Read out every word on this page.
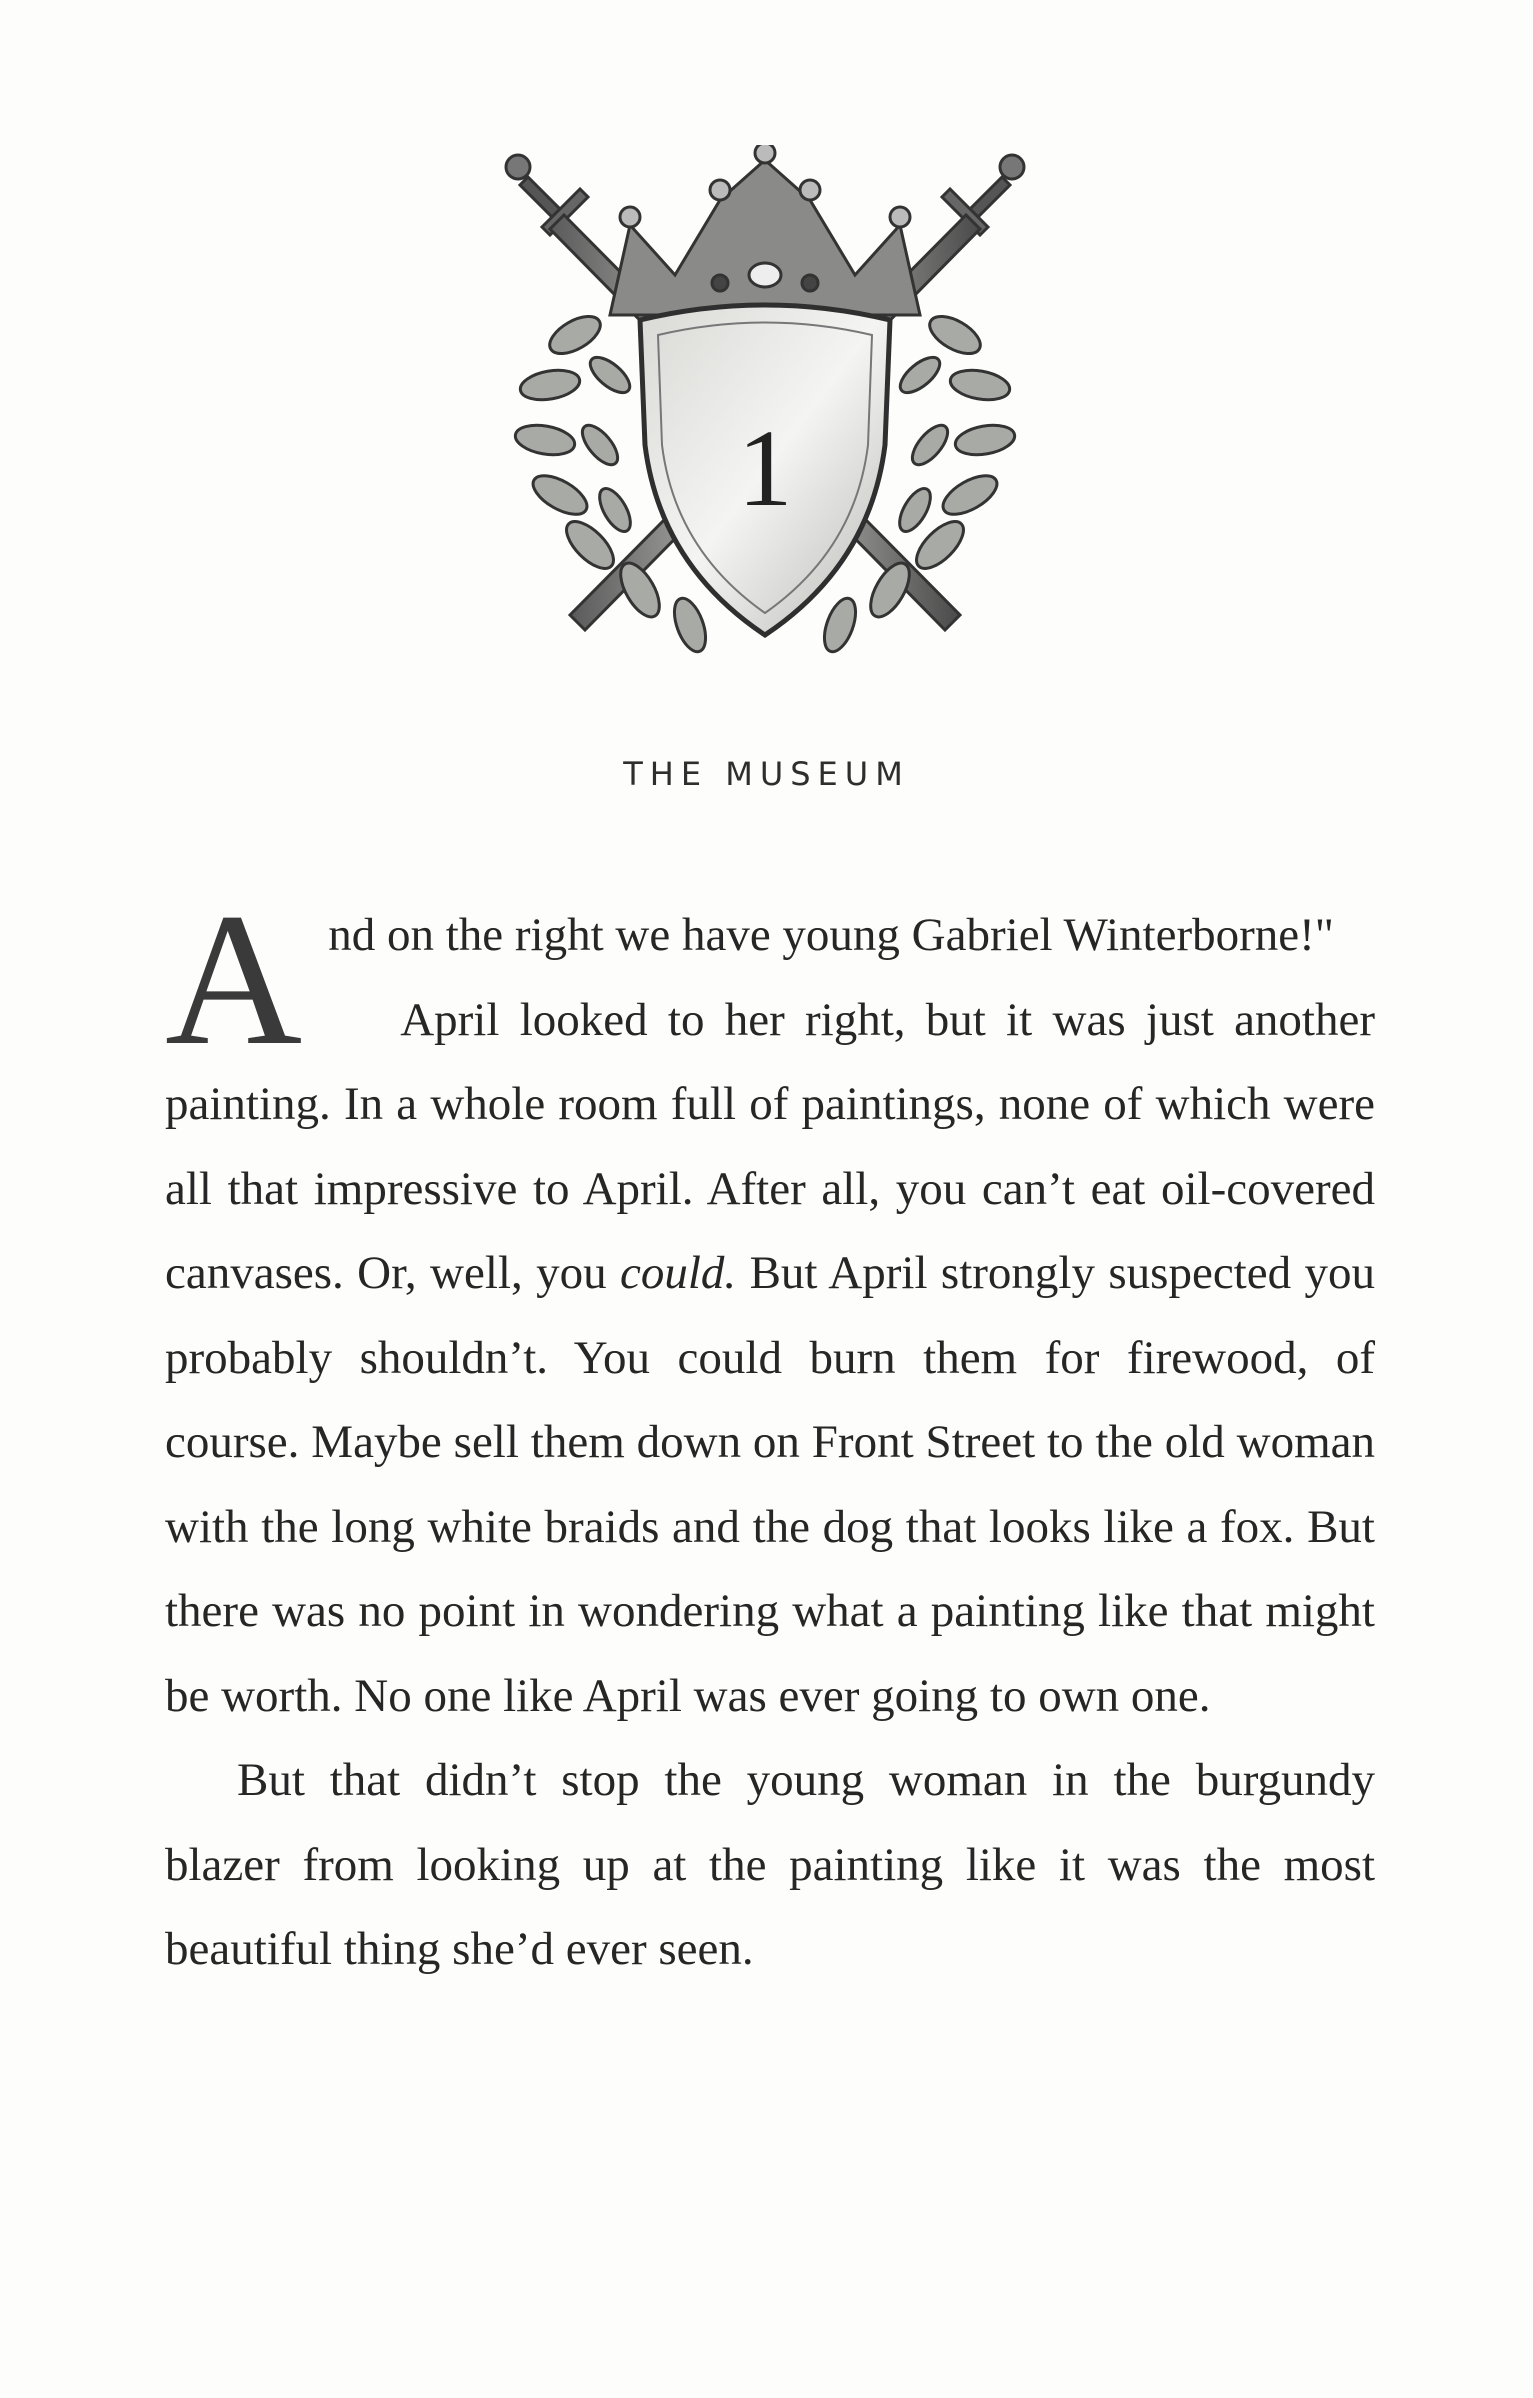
1
THE MUSEUM

And on the right we have young Gabriel Winterborne!"

April looked to her right, but it was just another painting. In a whole room full of paintings, none of which were all that impressive to April. After all, you can’t eat oil-covered canvases. Or, well, you could. But April strongly suspected you probably shouldn’t. You could burn them for firewood, of course. Maybe sell them down on Front Street to the old woman with the long white braids and the dog that looks like a fox. But there was no point in wondering what a painting like that might be worth. No one like April was ever going to own one.

But that didn’t stop the young woman in the burgundy blazer from looking up at the painting like it was the most beautiful thing she’d ever seen.
